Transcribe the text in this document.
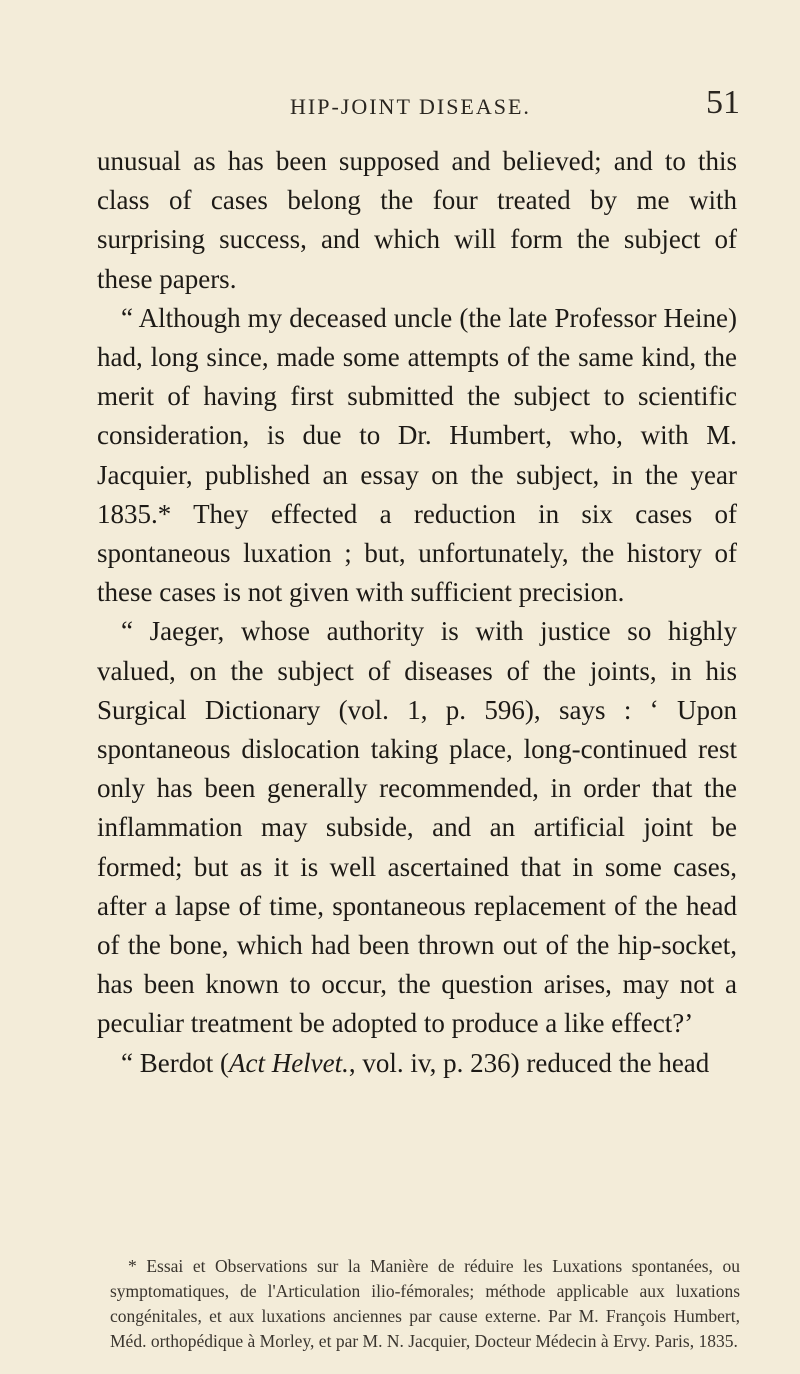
HIP-JOINT DISEASE.	51

unusual as has been supposed and believed; and to this class of cases belong the four treated by me with surprising success, and which will form the subject of these papers.

“ Although my deceased uncle (the late Professor Heine) had, long since, made some attempts of the same kind, the merit of having first submitted the subject to scientific consideration, is due to Dr. Humbert, who, with M. Jacquier, published an essay on the subject, in the year 1835.* They effected a reduction in six cases of spontaneous luxation ; but, unfortunately, the history of these cases is not given with sufficient precision.

“ Jaeger, whose authority is with justice so highly valued, on the subject of diseases of the joints, in his Surgical Dictionary (vol. 1, p. 596), says : ‘ Upon spontaneous dislocation taking place, long-continued rest only has been generally recommended, in order that the inflammation may subside, and an artificial joint be formed; but as it is well ascertained that in some cases, after a lapse of time, spontaneous replacement of the head of the bone, which had been thrown out of the hip-socket, has been known to occur, the question arises, may not a peculiar treatment be adopted to produce a like effect?’

“ Berdot (Act Helvet., vol. iv, p. 236) reduced the head

* Essai et Observations sur la Manière de réduire les Luxations spontanées, ou symptomatiques, de l'Articulation ilio-fémorales; méthode applicable aux luxations congénitales, et aux luxations anciennes par cause externe. Par M. François Humbert, Méd. orthopédique à Morley, et par M. N. Jacquier, Docteur Médecin à Ervy. Paris, 1835.
